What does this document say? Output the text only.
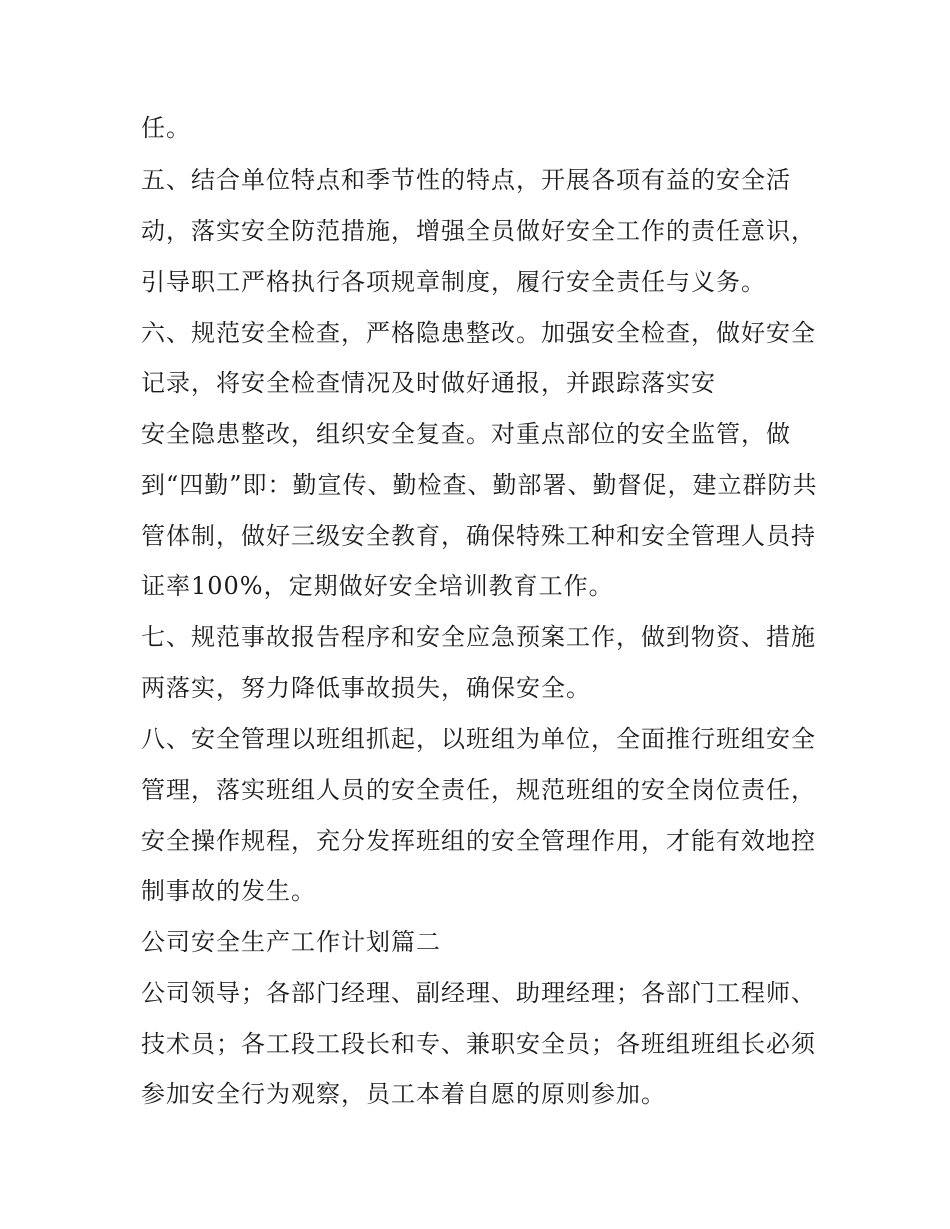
任。

五、结合单位特点和季节性的特点，开展各项有益的安全活

动，落实安全防范措施，增强全员做好安全工作的责任意识，

引导职工严格执行各项规章制度，履行安全责任与义务。

六、规范安全检查，严格隐患整改。加强安全检查，做好安全

记录，将安全检查情况及时做好通报，并跟踪落实安

安全隐患整改，组织安全复查。对重点部位的安全监管，做

到“四勤”即：勤宣传、勤检查、勤部署、勤督促，建立群防共

管体制，做好三级安全教育，确保特殊工种和安全管理人员持

证率100%，定期做好安全培训教育工作。

七、规范事故报告程序和安全应急预案工作，做到物资、措施

两落实，努力降低事故损失，确保安全。

八、安全管理以班组抓起，以班组为单位，全面推行班组安全

管理，落实班组人员的安全责任，规范班组的安全岗位责任，

安全操作规程，充分发挥班组的安全管理作用，才能有效地控

制事故的发生。

公司安全生产工作计划篇二

公司领导；各部门经理、副经理、助理经理；各部门工程师、

技术员；各工段工段长和专、兼职安全员；各班组班组长必须

参加安全行为观察，员工本着自愿的原则参加。
